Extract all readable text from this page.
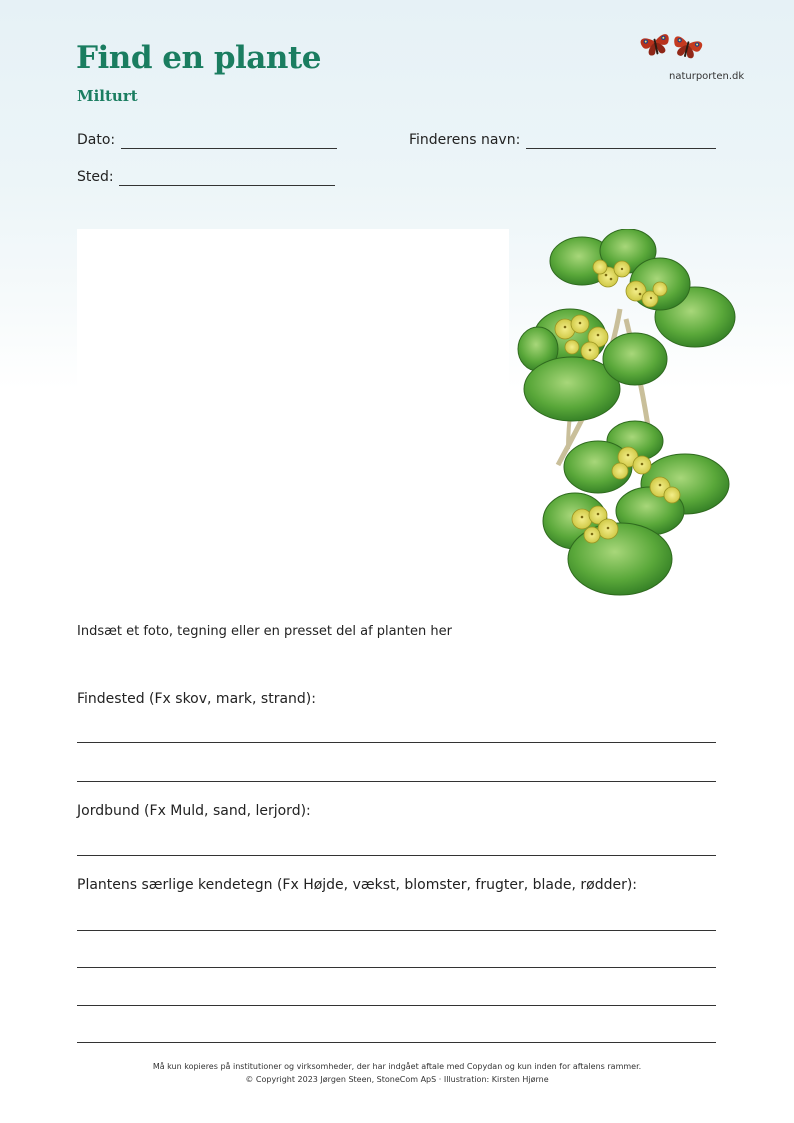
Find en plante
Milturt
naturporten.dk
Dato:	Finderens navn:
Sted:
Indsæt et foto, tegning eller en presset del af planten her
Findested (Fx skov, mark, strand):
Jordbund (Fx Muld, sand, lerjord):
Plantens særlige kendetegn (Fx Højde, vækst, blomster, frugter, blade, rødder):
Må kun kopieres på institutioner og virksomheder, der har indgået aftale med Copydan og kun inden for aftalens rammer.
© Copyright 2023 Jørgen Steen, StoneCom ApS · Illustration: Kirsten Hjørne
